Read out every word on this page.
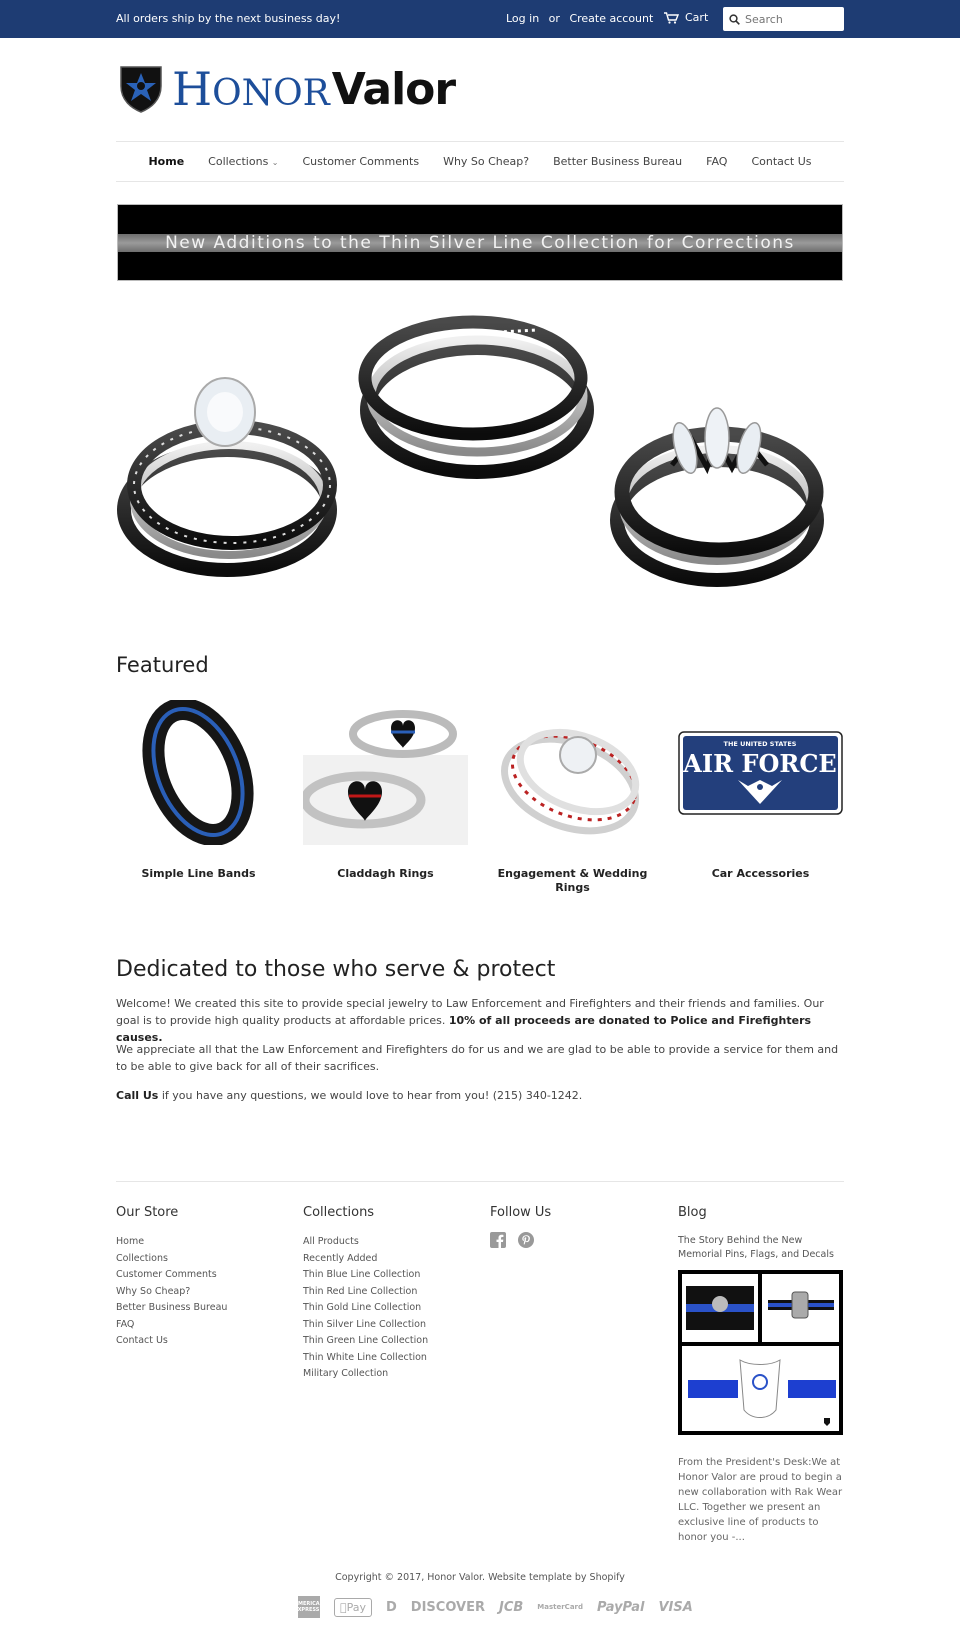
All orders ship by the next business day!	Log in or Create account	Cart
Search
HONOR Valor
Home Collections ⌄ Customer Comments Why So Cheap? Better Business Bureau FAQ Contact Us
New Additions to the Thin Silver Line Collection for Corrections
Featured
Simple Line Bands	Claddagh Rings	Engagement & Wedding Rings
THE UNITED STATES
AIR FORCE
Car Accessories
Dedicated to those who serve & protect

Welcome! We created this site to provide special jewelry to Law Enforcement and Firefighters and their friends and families. Our goal is to provide high quality products at affordable prices. 10% of all proceeds are donated to Police and Firefighters causes.

We appreciate all that the Law Enforcement and Firefighters do for us and we are glad to be able to provide a service for them and to be able to give back for all of their sacrifices.

Call Us if you have any questions, we would love to hear from you! (215) 340-1242.

Our Store
Home
Collections
Customer Comments
Why So Cheap?
Better Business Bureau
FAQ
Contact Us
Collections
All Products
Recently Added
Thin Blue Line Collection
Thin Red Line Collection
Thin Gold Line Collection
Thin Silver Line Collection
Thin Green Line Collection
Thin White Line Collection
Military Collection
Follow Us	Blog
The Story Behind the New Memorial Pins, Flags, and Decals
From the President's Desk:We at Honor Valor are proud to begin a new collaboration with Rak Wear LLC. Together we present an exclusive line of products to honor you -...
Copyright © 2017, Honor Valor. Website template by Shopify
AMERICAN EXPRESS	Pay	D DISCOVER JCB MasterCard PayPal VISA
